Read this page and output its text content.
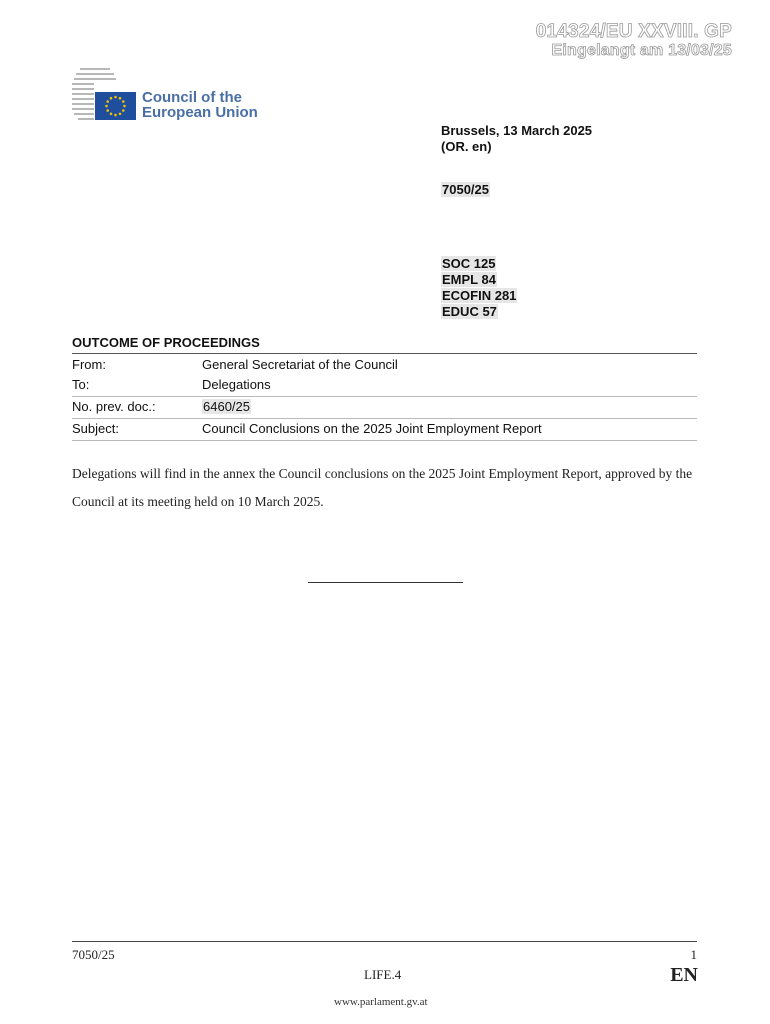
014324/EU XXVIII. GP
Eingelangt am 13/03/25
Council of the
European Union
Brussels, 13 March 2025
(OR. en)
7050/25
SOC 125
EMPL 84
ECOFIN 281
EDUC 57
OUTCOME OF PROCEEDINGS
From:	General Secretariat of the Council
To:	Delegations
No. prev. doc.:	6460/25
Subject:	Council Conclusions on the 2025 Joint Employment Report
Delegations will find in the annex the Council conclusions on the 2025 Joint Employment Report, approved by the Council at its meeting held on 10 March 2025.
7050/25	1
LIFE.4	EN
www.parlament.gv.at
